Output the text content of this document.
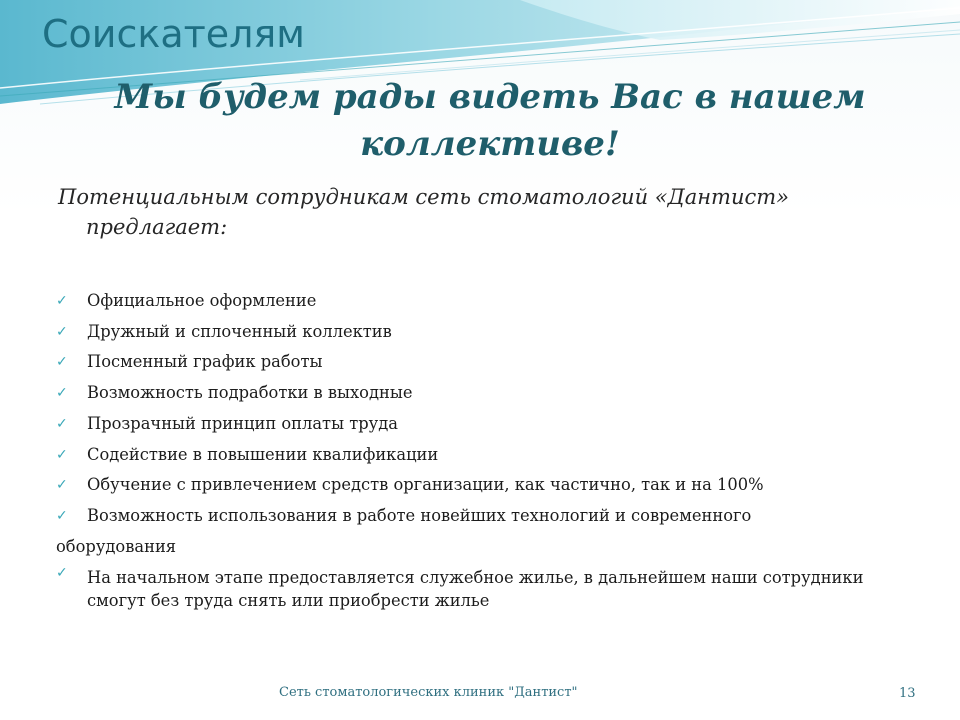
Соискателям
Мы будем рады видеть Вас в нашем коллективе!

Потенциальным сотрудникам сеть стоматологий «Дантист» предлагает:

✓ Официальное оформление
✓ Дружный и сплоченный коллектив
✓ Посменный график работы
✓ Возможность подработки в выходные
✓ Прозрачный принцип оплаты труда
✓ Содействие в повышении квалификации
✓ Обучение с привлечением средств организации, как частично, так и на 100%
✓ Возможность использования в работе новейших технологий и современного
оборудования
✓ На начальном этапе предоставляется служебное жилье, в дальнейшем наши сотрудники смогут без труда снять или приобрести жилье
Сеть стоматологических клиник "Дантист"	13
